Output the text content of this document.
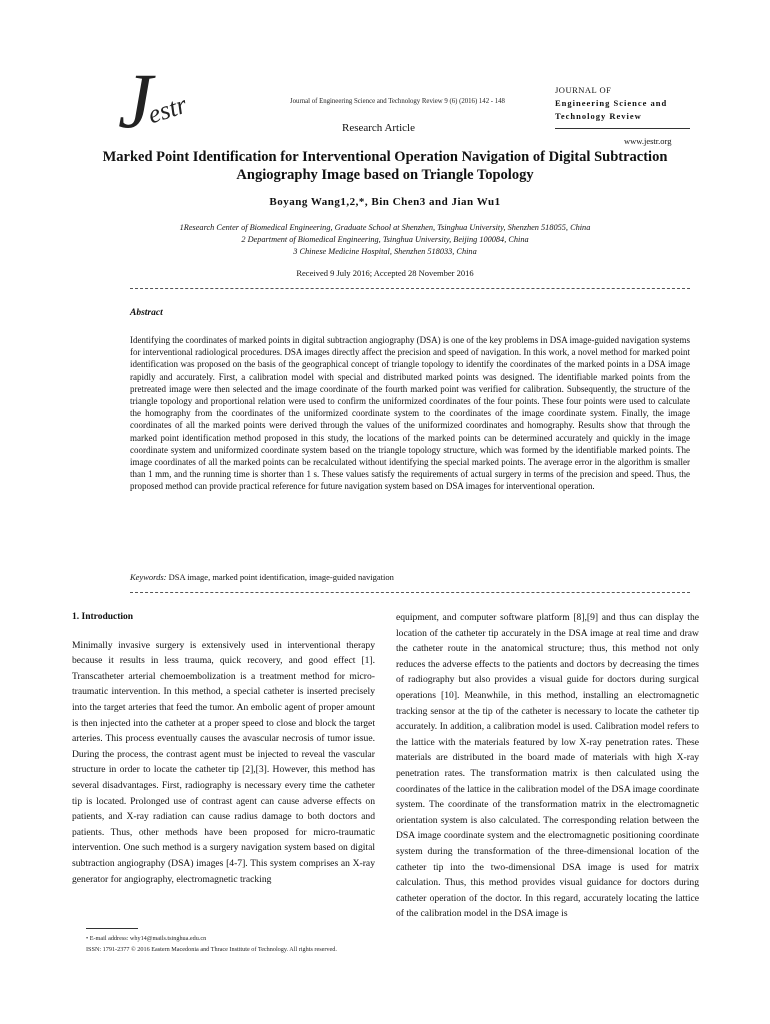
J
estr	Journal of Engineering Science and Technology Review 9 (6) (2016) 142 - 148
Research Article
JOURNAL OF
Engineering Science and
Technology Review
www.jestr.org
Marked Point Identification for Interventional Operation Navigation of Digital Subtraction Angiography Image based on Triangle Topology
Boyang Wang1,2,*, Bin Chen3 and Jian Wu1
1Research Center of Biomedical Engineering, Graduate School at Shenzhen, Tsinghua University, Shenzhen 518055, China
2 Department of Biomedical Engineering, Tsinghua University, Beijing 100084, China
3 Chinese Medicine Hospital, Shenzhen 518033, China
Received 9 July 2016; Accepted 28 November 2016
Abstract
Identifying the coordinates of marked points in digital subtraction angiography (DSA) is one of the key problems in DSA image-guided navigation systems for interventional radiological procedures. DSA images directly affect the precision and speed of navigation. In this work, a novel method for marked point identification was proposed on the basis of the geographical concept of triangle topology to identify the coordinates of the marked points in a DSA image rapidly and accurately. First, a calibration model with special and distributed marked points was designed. The identifiable marked points from the pretreated image were then selected and the image coordinate of the fourth marked point was verified for calibration. Subsequently, the structure of the triangle topology and proportional relation were used to confirm the uniformized coordinates of the four points. These four points were used to calculate the homography from the coordinates of the uniformized coordinate system to the coordinates of the image coordinate system. Finally, the image coordinates of all the marked points were derived through the values of the uniformized coordinates and homography. Results show that through the marked point identification method proposed in this study, the locations of the marked points can be determined accurately and quickly in the image coordinate system and uniformized coordinate system based on the triangle topology structure, which was formed by the identifiable marked points. The image coordinates of all the marked points can be recalculated without identifying the special marked points. The average error in the algorithm is smaller than 1 mm, and the running time is shorter than 1 s. These values satisfy the requirements of actual surgery in terms of the precision and speed. Thus, the proposed method can provide practical reference for future navigation system based on DSA images for interventional operation.
Keywords: DSA image, marked point identification, image-guided navigation
1. Introduction
Minimally invasive surgery is extensively used in interventional therapy because it results in less trauma, quick recovery, and good effect [1]. Transcatheter arterial chemoembolization is a treatment method for micro-traumatic intervention. In this method, a special catheter is inserted precisely into the target arteries that feed the tumor. An embolic agent of proper amount is then injected into the catheter at a proper speed to close and block the target arteries. This process eventually causes the avascular necrosis of tumor issue. During the process, the contrast agent must be injected to reveal the vascular structure in order to locate the catheter tip [2],[3]. However, this method has several disadvantages. First, radiography is necessary every time the catheter tip is located. Prolonged use of contrast agent can cause adverse effects on patients, and X-ray radiation can cause radius damage to both doctors and patients. Thus, other methods have been proposed for micro-traumatic intervention. One such method is a surgery navigation system based on digital subtraction angiography (DSA) images [4-7]. This system comprises an X-ray generator for angiography, electromagnetic tracking
equipment, and computer software platform [8],[9] and thus can display the location of the catheter tip accurately in the DSA image at real time and draw the catheter route in the anatomical structure; thus, this method not only reduces the adverse effects to the patients and doctors by decreasing the times of radiography but also provides a visual guide for doctors during surgical operations [10]. Meanwhile, in this method, installing an electromagnetic tracking sensor at the tip of the catheter is necessary to locate the catheter tip accurately. In addition, a calibration model is used. Calibration model refers to the lattice with the materials featured by low X-ray penetration rates. These materials are distributed in the board made of materials with high X-ray penetration rates. The transformation matrix is then calculated using the coordinates of the lattice in the calibration model of the DSA image coordinate system. The coordinate of the transformation matrix in the electromagnetic orientation system is also calculated. The corresponding relation between the DSA image coordinate system and the electromagnetic positioning coordinate system during the transformation of the three-dimensional location of the catheter tip into the two-dimensional DSA image is used for matrix calculation. Thus, this method provides visual guidance for doctors during catheter operation of the doctor. In this regard, accurately locating the lattice of the calibration model in the DSA image is
• E-mail address: why14@mails.tsinghua.edu.cn
ISSN: 1791-2377 © 2016 Eastern Macedonia and Thrace Institute of Technology. All rights reserved.
